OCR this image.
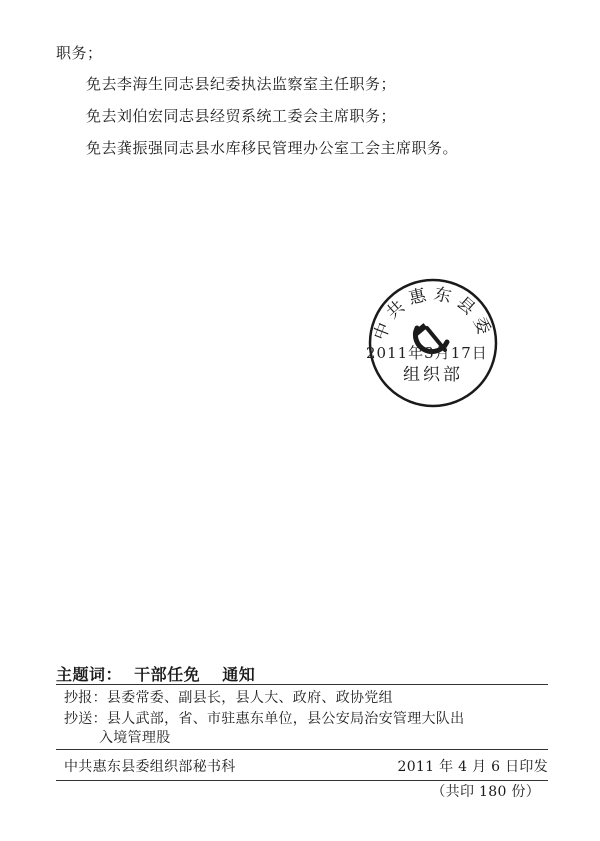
职务；
免去李海生同志县纪委执法监察室主任职务；
免去刘伯宏同志县经贸系统工委会主席职务；
免去龚振强同志县水库移民管理办公室工会主席职务。
中共惠东县委
组织部
2011年3月17日
主题词： 干部任免 通知
抄报：县委常委、副县长，县人大、政府、政协党组
抄送：县人武部，省、市驻惠东单位，县公安局治安管理大队出
入境管理股
中共惠东县委组织部秘书科	2011 年 4 月 6 日印发
（共印 180 份）
